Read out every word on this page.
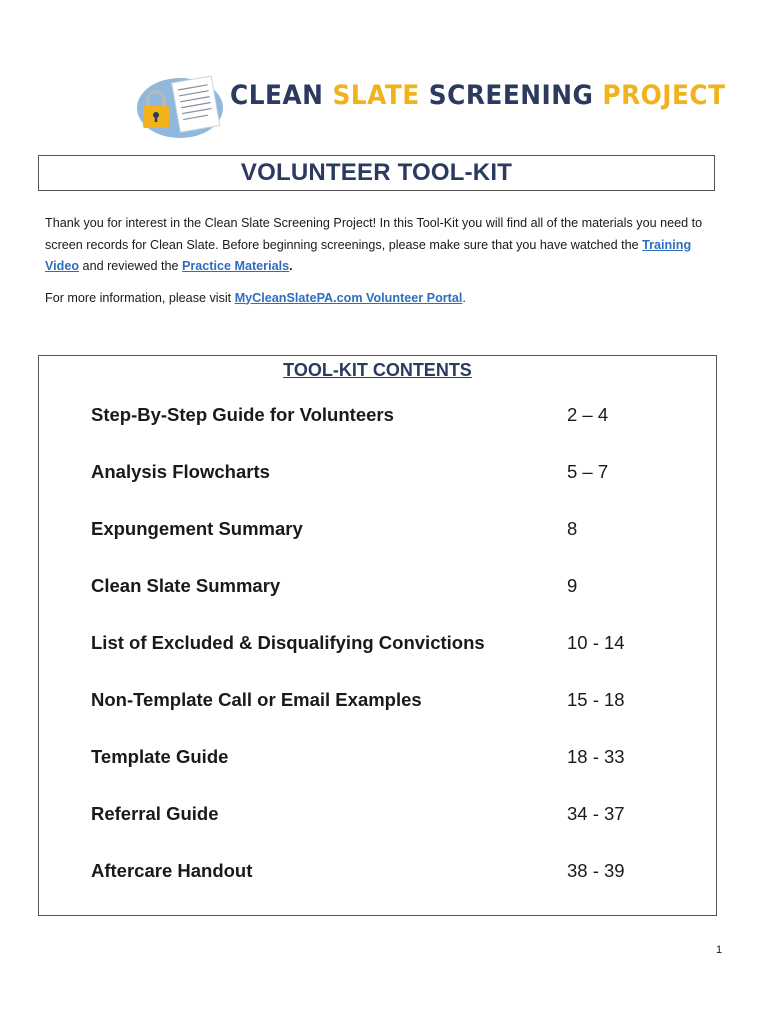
CLEAN SLATE SCREENING PROJECT
VOLUNTEER TOOL-KIT

Thank you for interest in the Clean Slate Screening Project! In this Tool-Kit you will find all of the materials you need to screen records for Clean Slate. Before beginning screenings, please make sure that you have watched the Training Video and reviewed the Practice Materials.

For more information, please visit MyCleanSlatePA.com Volunteer Portal.

TOOL-KIT CONTENTS
Step-By-Step Guide for Volunteers	2 – 4
Analysis Flowcharts	5 – 7
Expungement Summary	8
Clean Slate Summary	9
List of Excluded & Disqualifying Convictions	10 - 14
Non-Template Call or Email Examples	15 - 18
Template Guide	18 - 33
Referral Guide	34 - 37
Aftercare Handout	38 - 39
1
